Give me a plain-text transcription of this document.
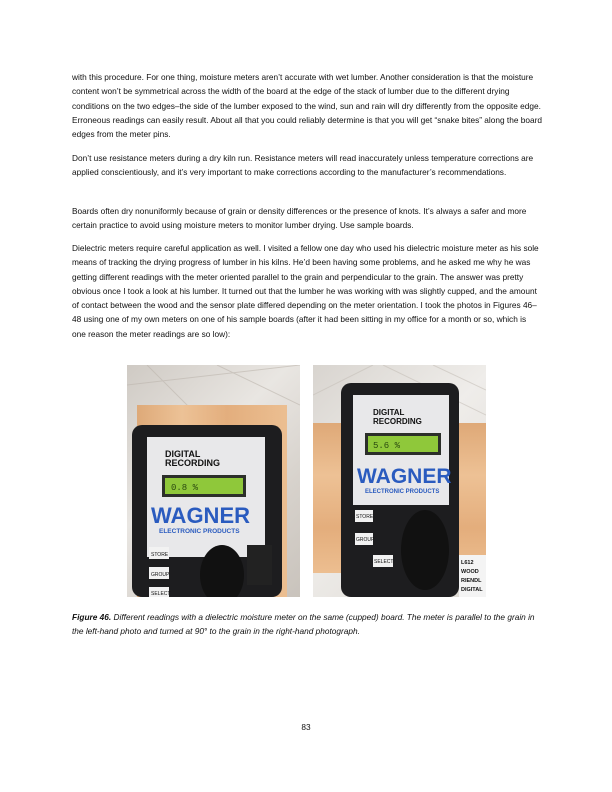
with this procedure. For one thing, moisture meters aren’t accurate with wet lumber. Another consideration is that the moisture content won’t be symmetrical across the width of the board at the edge of the stack of lumber due to the different drying conditions on the two edges–the side of the lumber exposed to the wind, sun and rain will dry differently from the opposite edge. Erroneous readings can easily result. About all that you could reliably determine is that you will get “snake bites” along the board edges from the meter pins.

Don’t use resistance meters during a dry kiln run. Resistance meters will read inaccurately unless temperature corrections are applied conscientiously, and it’s very important to make corrections according to the manufacturer’s recommendations.

Boards often dry nonuniformly because of grain or density differences or the presence of knots. It’s always a safer and more certain practice to avoid using moisture meters to monitor lumber drying. Use sample boards.

Dielectric meters require careful application as well. I visited a fellow one day who used his dielectric moisture meter as his sole means of tracking the drying progress of lumber in his kilns. He’d been having some problems, and he asked me why he was getting different readings with the meter oriented parallel to the grain and perpendicular to the grain. The answer was pretty obvious once I took a look at his lumber. It turned out that the lumber he was working with was slightly cupped, and the amount of contact between the wood and the sensor plate differed depending on the meter orientation. I took the photos in Figures 46–48 using one of my own meters on one of his sample boards (after it had been sitting in my office for a month or so, which is one reason the meter readings are so low):

DIGITAL
RECORDING
0.8 %
WAGNER
ELECTRONIC PRODUCTS
STORE
GROUP
SELECT
DIGITAL
RECORDING
5.6 %
WAGNER
ELECTRONIC PRODUCTS
STORE
GROUP
SELECT	L612
WOOD
RIENDL
DIGITAL

Figure 46. Different readings with a dielectric moisture meter on the same (cupped) board. The meter is parallel to the grain in the left-hand photo and turned at 90° to the grain in the right-hand photograph.

83
